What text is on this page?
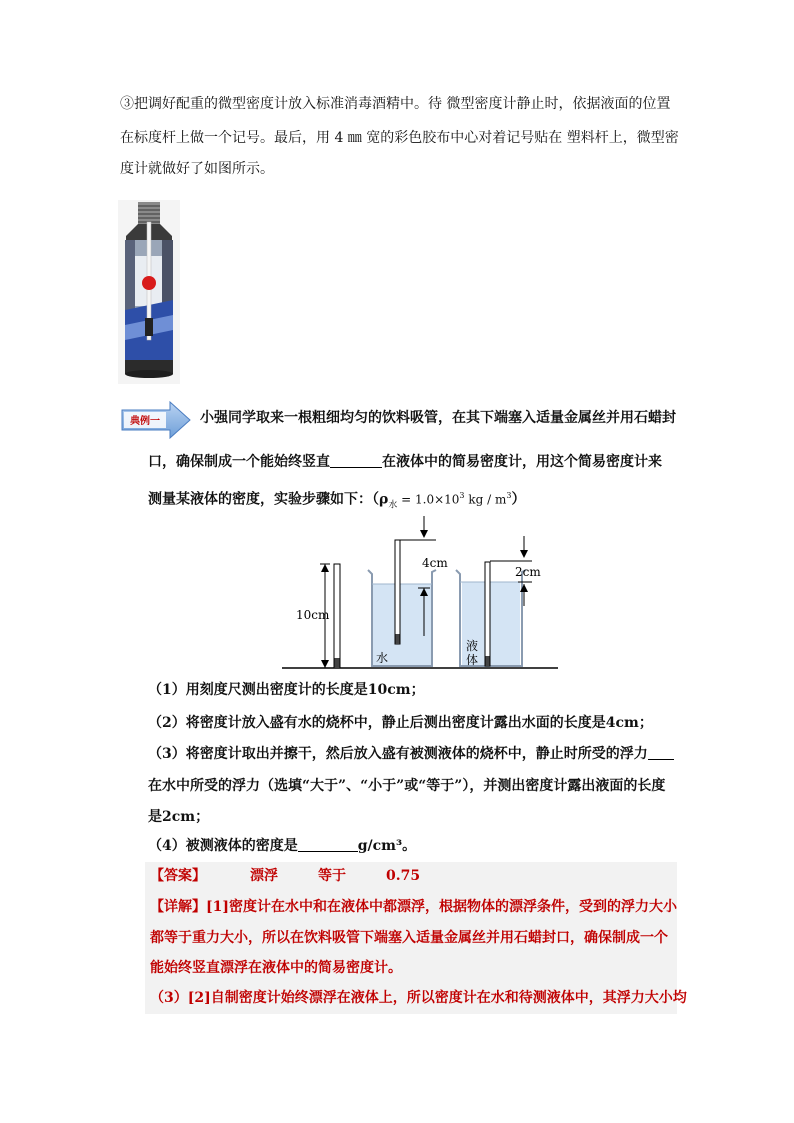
③把调好配重的微型密度计放入标准消毒酒精中。待 微型密度计静止时，依据液面的位置
在标度杆上做一个记号。最后，用 4 ㎜ 宽的彩色胶布中心对着记号贴在 塑料杆上，微型密
度计就做好了如图所示。
典例一	小强同学取来一根粗细均匀的饮料吸管，在其下端塞入适量金属丝并用石蜡封
口，确保制成一个能始终竖直	在液体中的简易密度计，用这个简易密度计来
测量某液体的密度，实验步骤如下：（$\rho_水 = 1.0\times 10^3$ kg / $m^3$）
10cm
水
4cm
液
体
2cm
（1）用刻度尺测出密度计的长度是10cm；
（2）将密度计放入盛有水的烧杯中，静止后测出密度计露出水面的长度是4cm；
（3）将密度计取出并擦干，然后放入盛有被测液体的烧杯中，静止时所受的浮力
在水中所受的浮力（选填“大于”、“小于”或“等于”），并测出密度计露出液面的长度
是2cm；
（4）被测液体的密度是	g/cm³。
【答案】	漂浮	等于	0.75
【详解】[1]密度计在水中和在液体中都漂浮，根据物体的漂浮条件，受到的浮力大小
都等于重力大小，所以在饮料吸管下端塞入适量金属丝并用石蜡封口，确保制成一个
能始终竖直漂浮在液体中的简易密度计。
（3）[2]自制密度计始终漂浮在液体上，所以密度计在水和待测液体中，其浮力大小均
